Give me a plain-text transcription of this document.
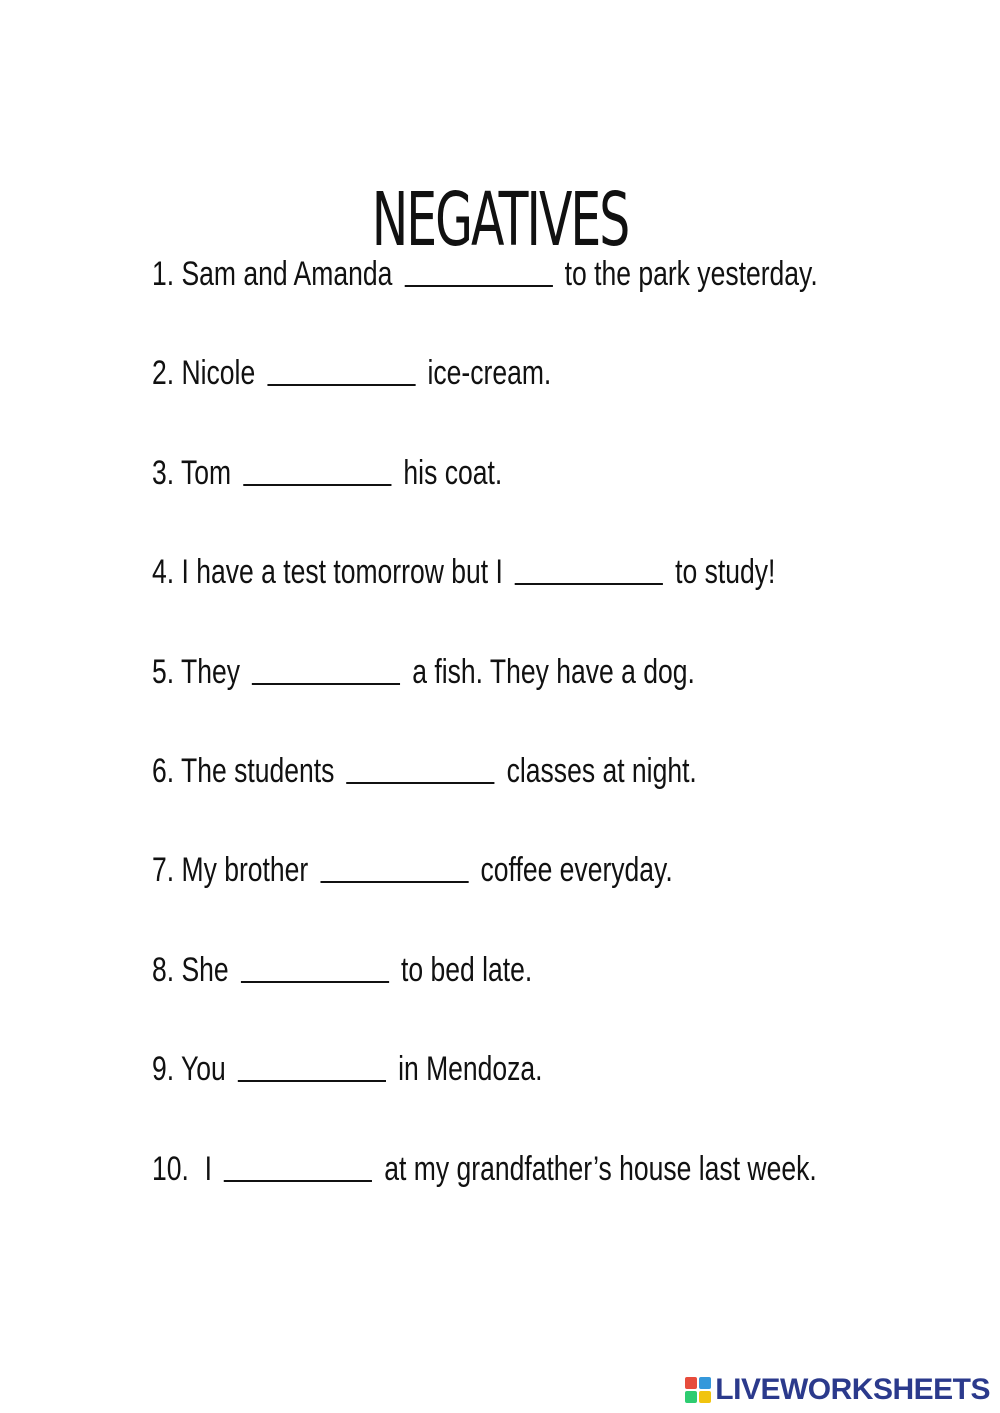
NEGATIVES
1. Sam and Amanda	to the park yesterday.
2. Nicole	ice-cream.
3. Tom	his coat.
4. I have a test tomorrow but I	to study!
5. They	a fish. They have a dog.
6. The students	classes at night.
7. My brother	coffee everyday.
8. She	to bed late.
9. You	in Mendoza.
10. I	at my grandfather’s house last week.
LIVEWORKSHEETS
